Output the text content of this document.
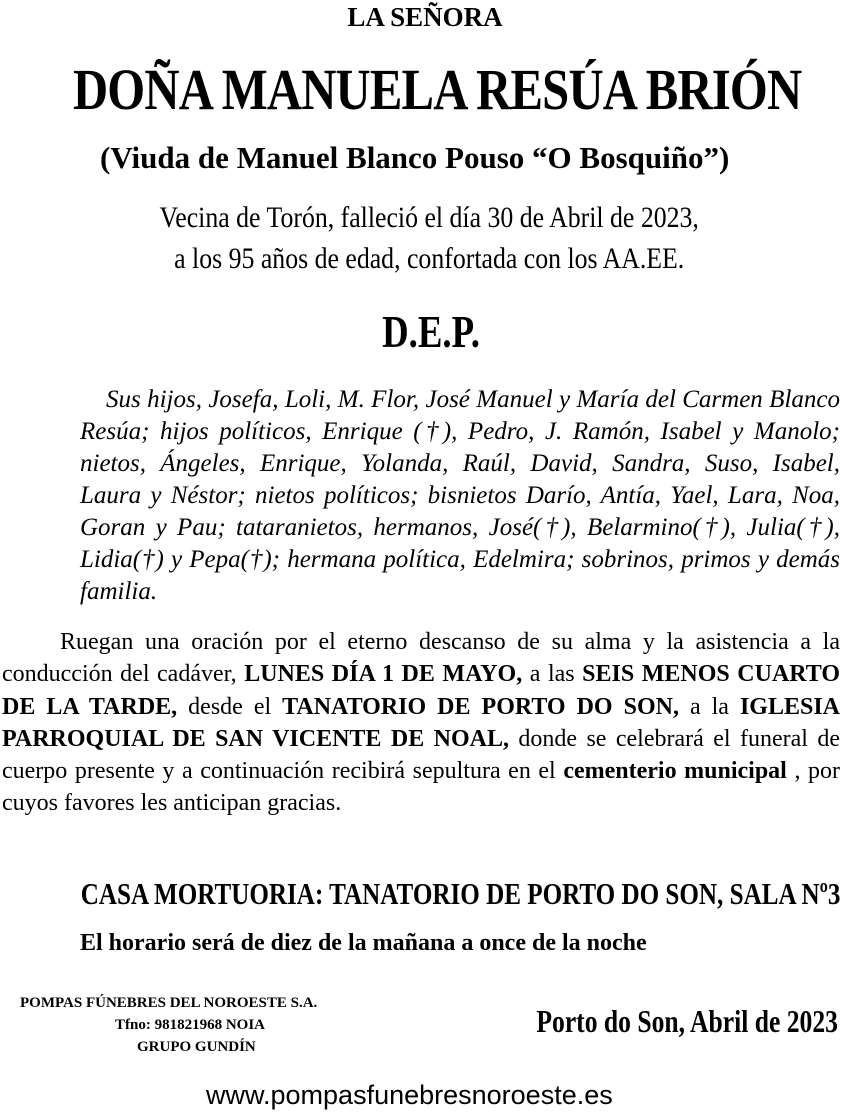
LA SEÑORA
DOÑA MANUELA RESÚA BRIÓN
(Viuda de Manuel Blanco Pouso “O Bosquiño”)
Vecina de Torón, falleció el día 30 de Abril de 2023,
a los 95 años de edad, confortada con los AA.EE.
D.E.P.

Sus hijos, Josefa, Loli, M. Flor, José Manuel y María del Carmen Blanco Resúa; hijos políticos, Enrique (†), Pedro, J. Ramón, Isabel y Manolo; nietos, Ángeles, Enrique, Yolanda, Raúl, David, Sandra, Suso, Isabel, Laura y Néstor; nietos políticos; bisnietos Darío, Antía, Yael, Lara, Noa, Goran y Pau; tataranietos, hermanos, José(†), Belarmino(†), Julia(†), Lidia(†) y Pepa(†); hermana política, Edelmira; sobrinos, primos y demás familia.

Ruegan una oración por el eterno descanso de su alma y la asistencia a la conducción del cadáver, LUNES DÍA 1 DE MAYO, a las SEIS MENOS CUARTO DE LA TARDE, desde el TANATORIO DE PORTO DO SON, a la IGLESIA PARROQUIAL DE SAN VICENTE DE NOAL, donde se celebrará el funeral de cuerpo presente y a continuación recibirá sepultura en el cementerio municipal , por cuyos favores les anticipan gracias.

CASA MORTUORIA: TANATORIO DE PORTO DO SON, SALA Nº3
El horario será de diez de la mañana a once de la noche
POMPAS FÚNEBRES DEL NOROESTE S.A.
Tfno: 981821968 NOIA
GRUPO GUNDÍN
Porto do Son, Abril de 2023
www.pompasfunebresnoroeste.es
